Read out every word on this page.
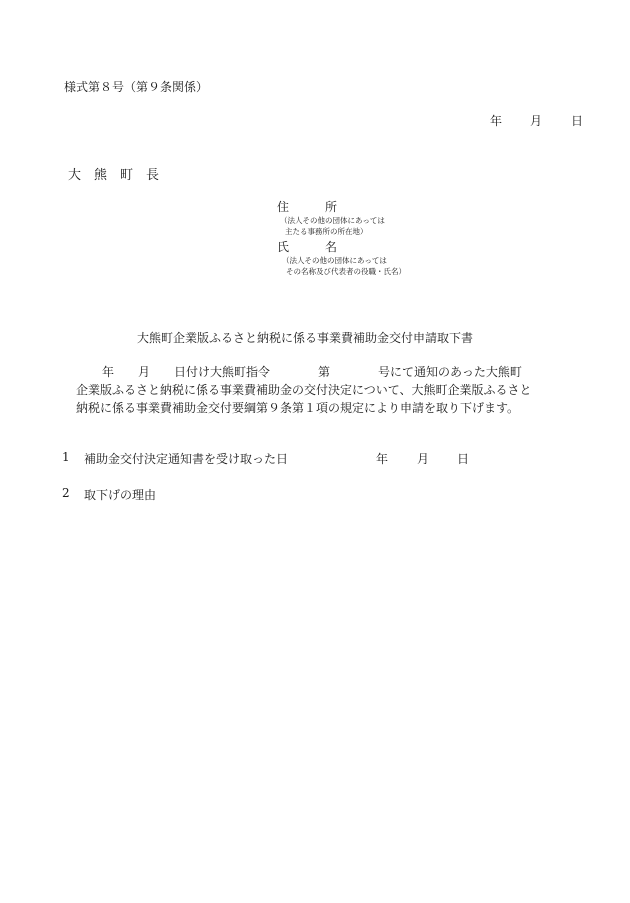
様式第８号（第９条関係）
年 月 日
大　熊　町　長
住　　　所
（法人その他の団体にあっては
主たる事務所の所在地）
氏　　　名
（法人その他の団体にあっては
その名称及び代表者の役職・氏名）
大熊町企業版ふるさと納税に係る事業費補助金交付申請取下書
年　　月　　日付け大熊町指令　　　　第　　　　号にて通知のあった大熊町
企業版ふるさと納税に係る事業費補助金の交付決定について、大熊町企業版ふるさと
納税に係る事業費補助金交付要綱第９条第１項の規定により申請を取り下げます。
1 補助金交付決定通知書を受け取った日	年 月 日
2 取下げの理由
